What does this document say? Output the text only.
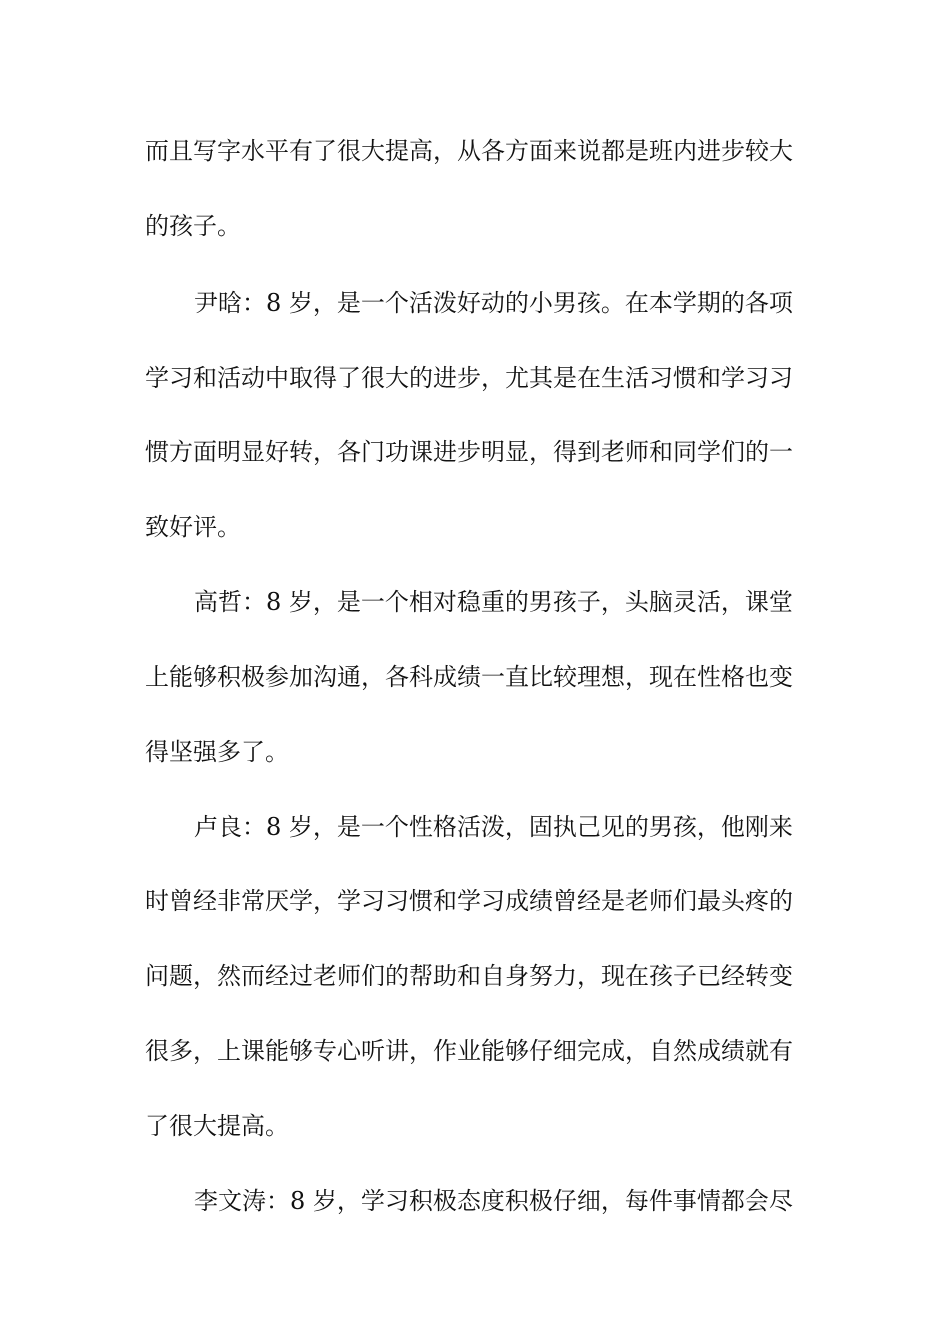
而且写字水平有了很大提高，从各方面来说都是班内进步较大
的孩子。
尹晗：8 岁，是一个活泼好动的小男孩。在本学期的各项
学习和活动中取得了很大的进步，尤其是在生活习惯和学习习
惯方面明显好转，各门功课进步明显，得到老师和同学们的一
致好评。
高哲：8 岁，是一个相对稳重的男孩子，头脑灵活，课堂
上能够积极参加沟通，各科成绩一直比较理想，现在性格也变
得坚强多了。
卢良：8 岁，是一个性格活泼，固执己见的男孩，他刚来
时曾经非常厌学，学习习惯和学习成绩曾经是老师们最头疼的
问题，然而经过老师们的帮助和自身努力，现在孩子已经转变
很多，上课能够专心听讲，作业能够仔细完成，自然成绩就有
了很大提高。
李文涛：8 岁，学习积极态度积极仔细，每件事情都会尽
